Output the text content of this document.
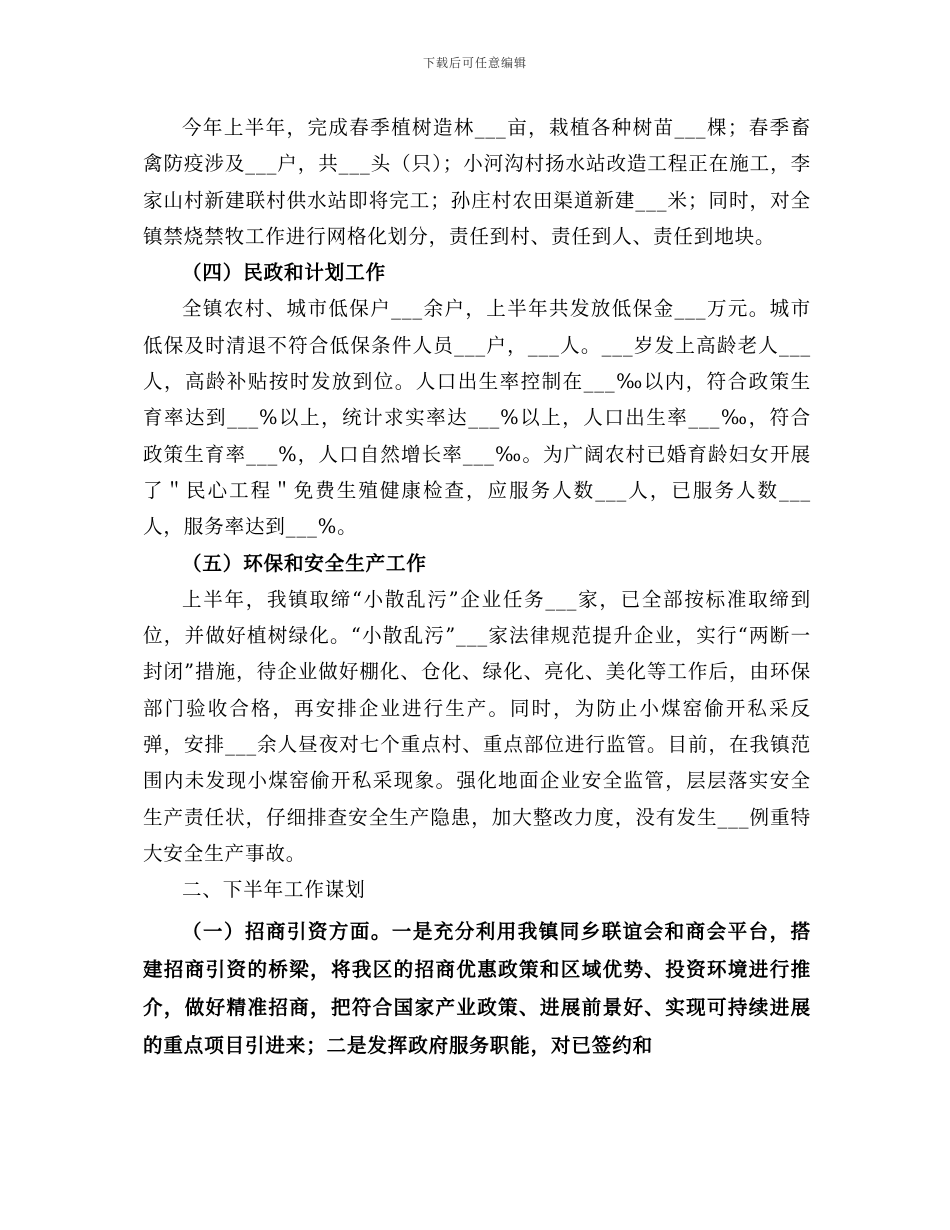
下载后可任意编辑

今年上半年，完成春季植树造林___亩，栽植各种树苗___棵；春季畜禽防疫涉及___户，共___头（只）；小河沟村扬水站改造工程正在施工，李家山村新建联村供水站即将完工；孙庄村农田渠道新建___米；同时，对全镇禁烧禁牧工作进行网格化划分，责任到村、责任到人、责任到地块。

（四）民政和计划工作

全镇农村、城市低保户___余户，上半年共发放低保金___万元。城市低保及时清退不符合低保条件人员___户，___人。___岁发上高龄老人___人，高龄补贴按时发放到位。人口出生率控制在___‰以内，符合政策生育率达到___%以上，统计求实率达___%以上，人口出生率___‰，符合政策生育率___%，人口自然增长率___‰。为广阔农村已婚育龄妇女开展了＂民心工程＂免费生殖健康检查，应服务人数___人，已服务人数___人，服务率达到___%。

（五）环保和安全生产工作

上半年，我镇取缔“小散乱污”企业任务___家，已全部按标准取缔到位，并做好植树绿化。“小散乱污”___家法律规范提升企业，实行“两断一封闭”措施，待企业做好棚化、仓化、绿化、亮化、美化等工作后，由环保部门验收合格，再安排企业进行生产。同时，为防止小煤窑偷开私采反弹，安排___余人昼夜对七个重点村、重点部位进行监管。目前，在我镇范围内未发现小煤窑偷开私采现象。强化地面企业安全监管，层层落实安全生产责任状，仔细排查安全生产隐患，加大整改力度，没有发生___例重特大安全生产事故。

二、下半年工作谋划

（一）招商引资方面。一是充分利用我镇同乡联谊会和商会平台，搭建招商引资的桥梁，将我区的招商优惠政策和区域优势、投资环境进行推介，做好精准招商，把符合国家产业政策、进展前景好、实现可持续进展的重点项目引进来；二是发挥政府服务职能，对已签约和
